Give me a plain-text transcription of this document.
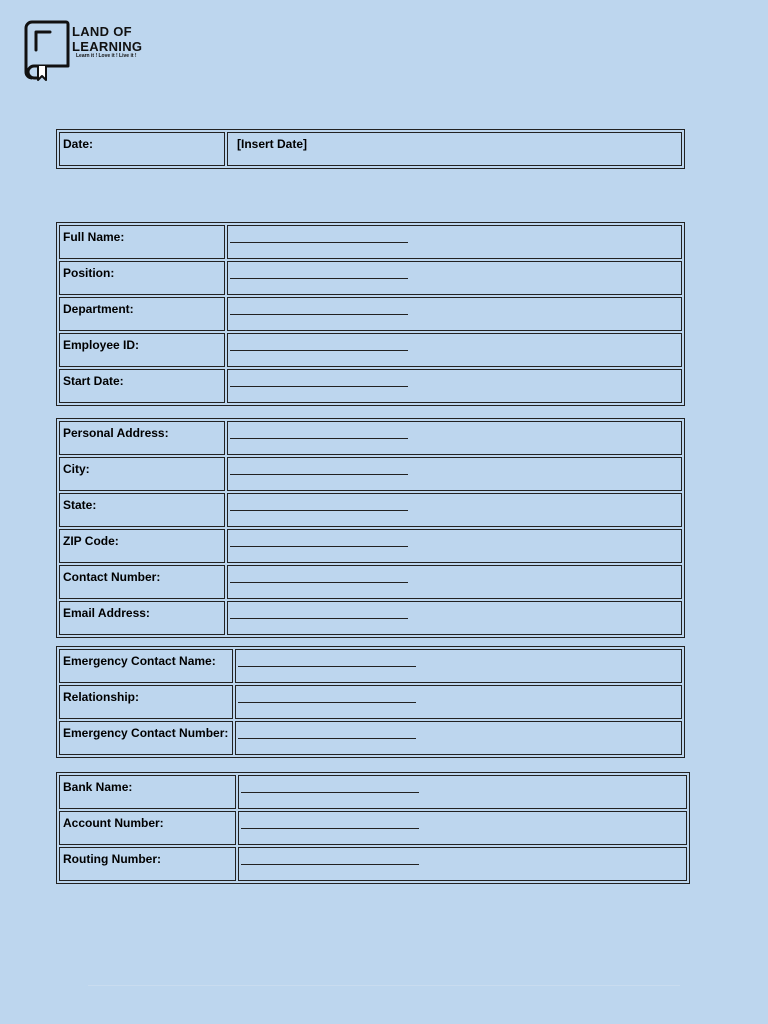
LAND OF
LEARNING
Learn it ! Love it ! Live it !
Date:	[Insert Date]
Full Name:	

Position:	

Department:	

Employee ID:	

Start Date:	
Personal Address:	

City:	

State:	

ZIP Code:	

Contact Number:	

Email Address:	
Emergency Contact Name:	

Relationship:	

Emergency Contact Number:	
Bank Name:	

Account Number:	

Routing Number:	
